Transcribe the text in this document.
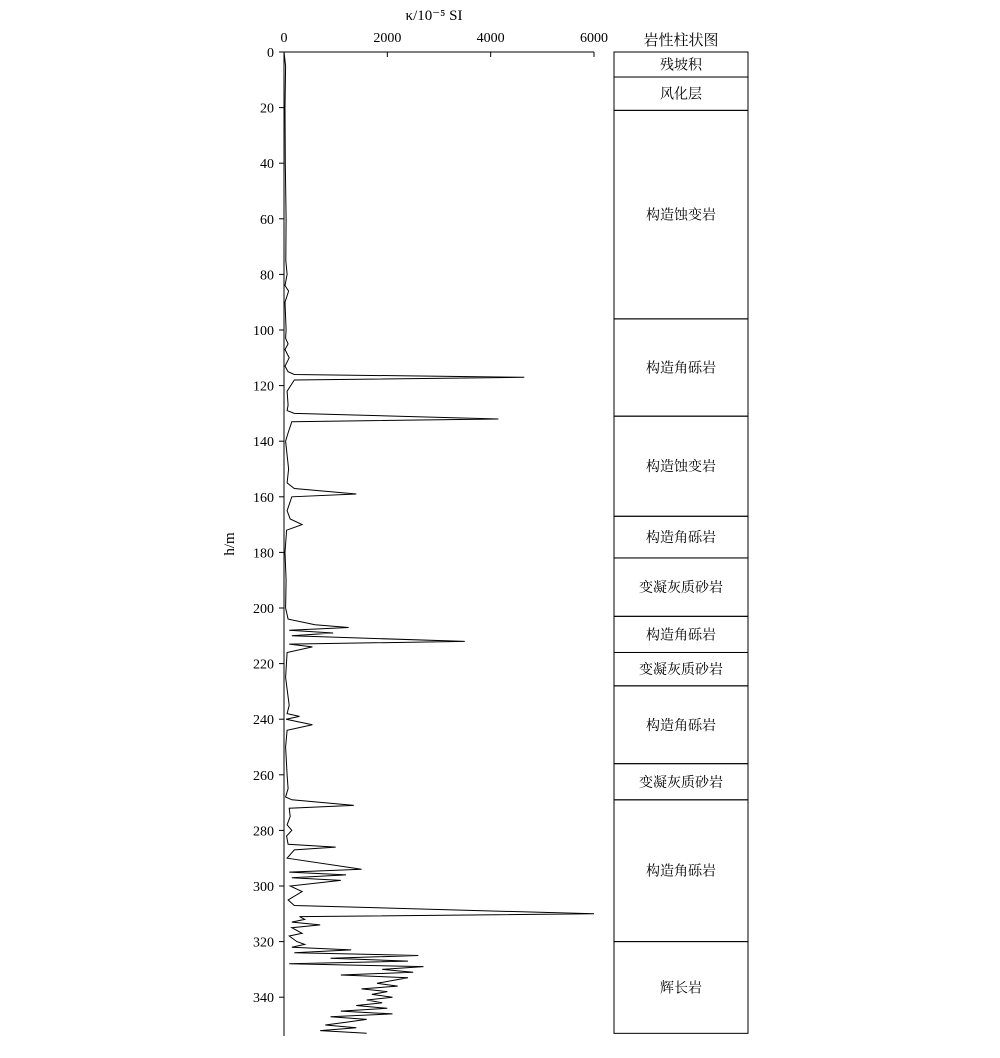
0	2000	4000	6000
κ/10⁻⁵ SI
0
20
40
60
80
100
120
140
160
180
200
220
240
260
280
300
320
340
h/m
岩性柱状图
残坡积
风化层
构造蚀变岩
构造角砾岩
构造蚀变岩
构造角砾岩
变凝灰质砂岩
构造角砾岩
变凝灰质砂岩
构造角砾岩
变凝灰质砂岩
构造角砾岩
辉长岩
